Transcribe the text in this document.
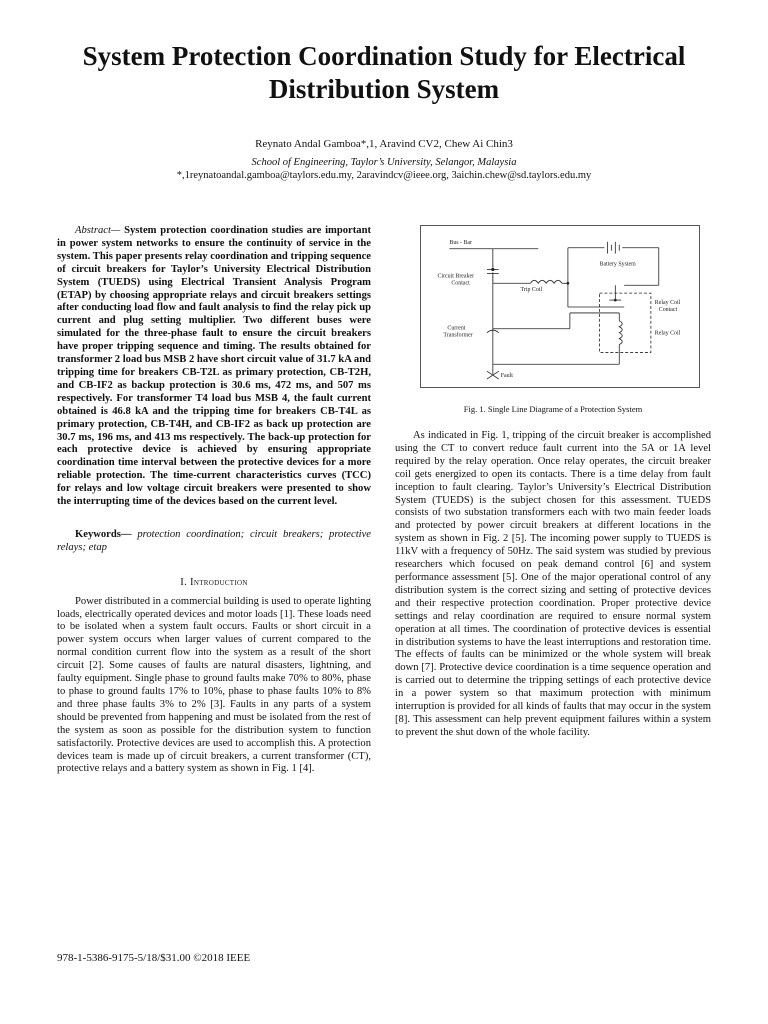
System Protection Coordination Study for Electrical Distribution System
Reynato Andal Gamboa*,1, Aravind CV2, Chew Ai Chin3
School of Engineering, Taylor’s University, Selangor, Malaysia
*,1reynatoandal.gamboa@taylors.edu.my, 2aravindcv@ieee.org, 3aichin.chew@sd.taylors.edu.my

Abstract— System protection coordination studies are important in power system networks to ensure the continuity of service in the system. This paper presents relay coordination and tripping sequence of circuit breakers for Taylor’s University Electrical Distribution System (TUEDS) using Electrical Transient Analysis Program (ETAP) by choosing appropriate relays and circuit breakers settings after conducting load flow and fault analysis to find the relay pick up current and plug setting multiplier. Two different buses were simulated for the three-phase fault to ensure the circuit breakers have proper tripping sequence and timing. The results obtained for transformer 2 load bus MSB 2 have short circuit value of 31.7 kA and tripping time for breakers CB-T2L as primary protection, CB-T2H, and CB-IF2 as backup protection is 30.6 ms, 472 ms, and 507 ms respectively. For transformer T4 load bus MSB 4, the fault current obtained is 46.8 kA and the tripping time for breakers CB-T4L as primary protection, CB-T4H, and CB-IF2 as back up protection are 30.7 ms, 196 ms, and 413 ms respectively. The back-up protection for each protective device is achieved by ensuring appropriate coordination time interval between the protective devices for a more reliable protection. The time-current characteristics curves (TCC) for relays and low voltage circuit breakers were presented to show the interrupting time of the devices based on the current level.

Keywords— protection coordination; circuit breakers; protective relays; etap

I. Introduction

Power distributed in a commercial building is used to operate lighting loads, electrically operated devices and motor loads [1]. These loads need to be isolated when a system fault occurs. Faults or short circuit in a power system occurs when larger values of current compared to the normal condition current flow into the system as a result of the short circuit [2]. Some causes of faults are natural disasters, lightning, and faulty equipment. Single phase to ground faults make 70% to 80%, phase to phase to ground faults 17% to 10%, phase to phase faults 10% to 8% and three phase faults 3% to 2% [3]. Faults in any parts of a system should be prevented from happening and must be isolated from the rest of the system as soon as possible for the distribution system to function satisfactorily. Protective devices are used to accomplish this. A protection devices team is made up of circuit breakers, a current transformer (CT), protective relays and a battery system as shown in Fig. 1 [4].

Bus - Bar
Battery System
Circuit Breaker
Contact
Trip Coil
Relay Coil
Contact
Relay Coil
Current
Transformer
Fault
Fig. 1. Single Line Diagrame of a Protection System

As indicated in Fig. 1, tripping of the circuit breaker is accomplished using the CT to convert reduce fault current into the 5A or 1A level required by the relay operation. Once relay operates, the circuit breaker coil gets energized to open its contacts. There is a time delay from fault inception to fault clearing. Taylor’s University’s Electrical Distribution System (TUEDS) is the subject chosen for this assessment. TUEDS consists of two substation transformers each with two main feeder loads and protected by power circuit breakers at different locations in the system as shown in Fig. 2 [5]. The incoming power supply to TUEDS is 11kV with a frequency of 50Hz. The said system was studied by previous researchers which focused on peak demand control [6] and system performance assessment [5]. One of the major operational control of any distribution system is the correct sizing and setting of protective devices and their respective protection coordination. Proper protective device settings and relay coordination are required to ensure normal system operation at all times. The coordination of protective devices is essential in distribution systems to have the least interruptions and restoration time. The effects of faults can be minimized or the whole system will break down [7]. Protective device coordination is a time sequence operation and is carried out to determine the tripping settings of each protective device in a power system so that maximum protection with minimum interruption is provided for all kinds of faults that may occur in the system [8]. This assessment can help prevent equipment failures within a system to prevent the shut down of the whole facility.

978-1-5386-9175-5/18/$31.00 ©2018 IEEE
